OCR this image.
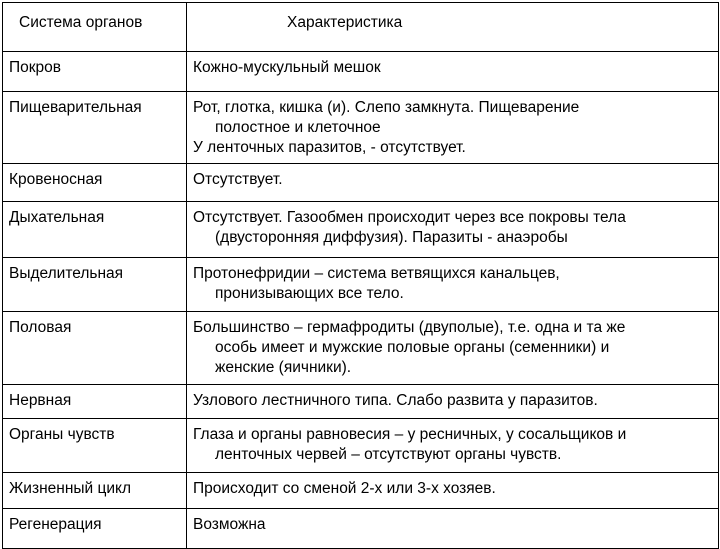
Система органов	Характеристика
Покров	Кожно-мускульный мешок

Пищеварительная	Рот, глотка, кишка (и). Слепо замкнута. Пищеварение
полостное и клеточное
У ленточных паразитов, - отсутствует.

Кровеносная	Отсутствует.

Дыхательная	Отсутствует. Газообмен происходит через все покровы тела
(двусторонняя диффузия). Паразиты - анаэробы

Выделительная	Протонефридии – система ветвящихся канальцев,
пронизывающих все тело.

Половая	Большинство – гермафродиты (двуполые), т.е. одна и та же
особь имеет и мужские половые органы (семенники) и
женские (яичники).

Нервная	Узлового лестничного типа. Слабо развита у паразитов.

Органы чувств	Глаза и органы равновесия – у ресничных, у сосальщиков и
ленточных червей – отсутствуют органы чувств.

Жизненный цикл	Происходит со сменой 2-х или 3-х хозяев.

Регенерация	Возможна
